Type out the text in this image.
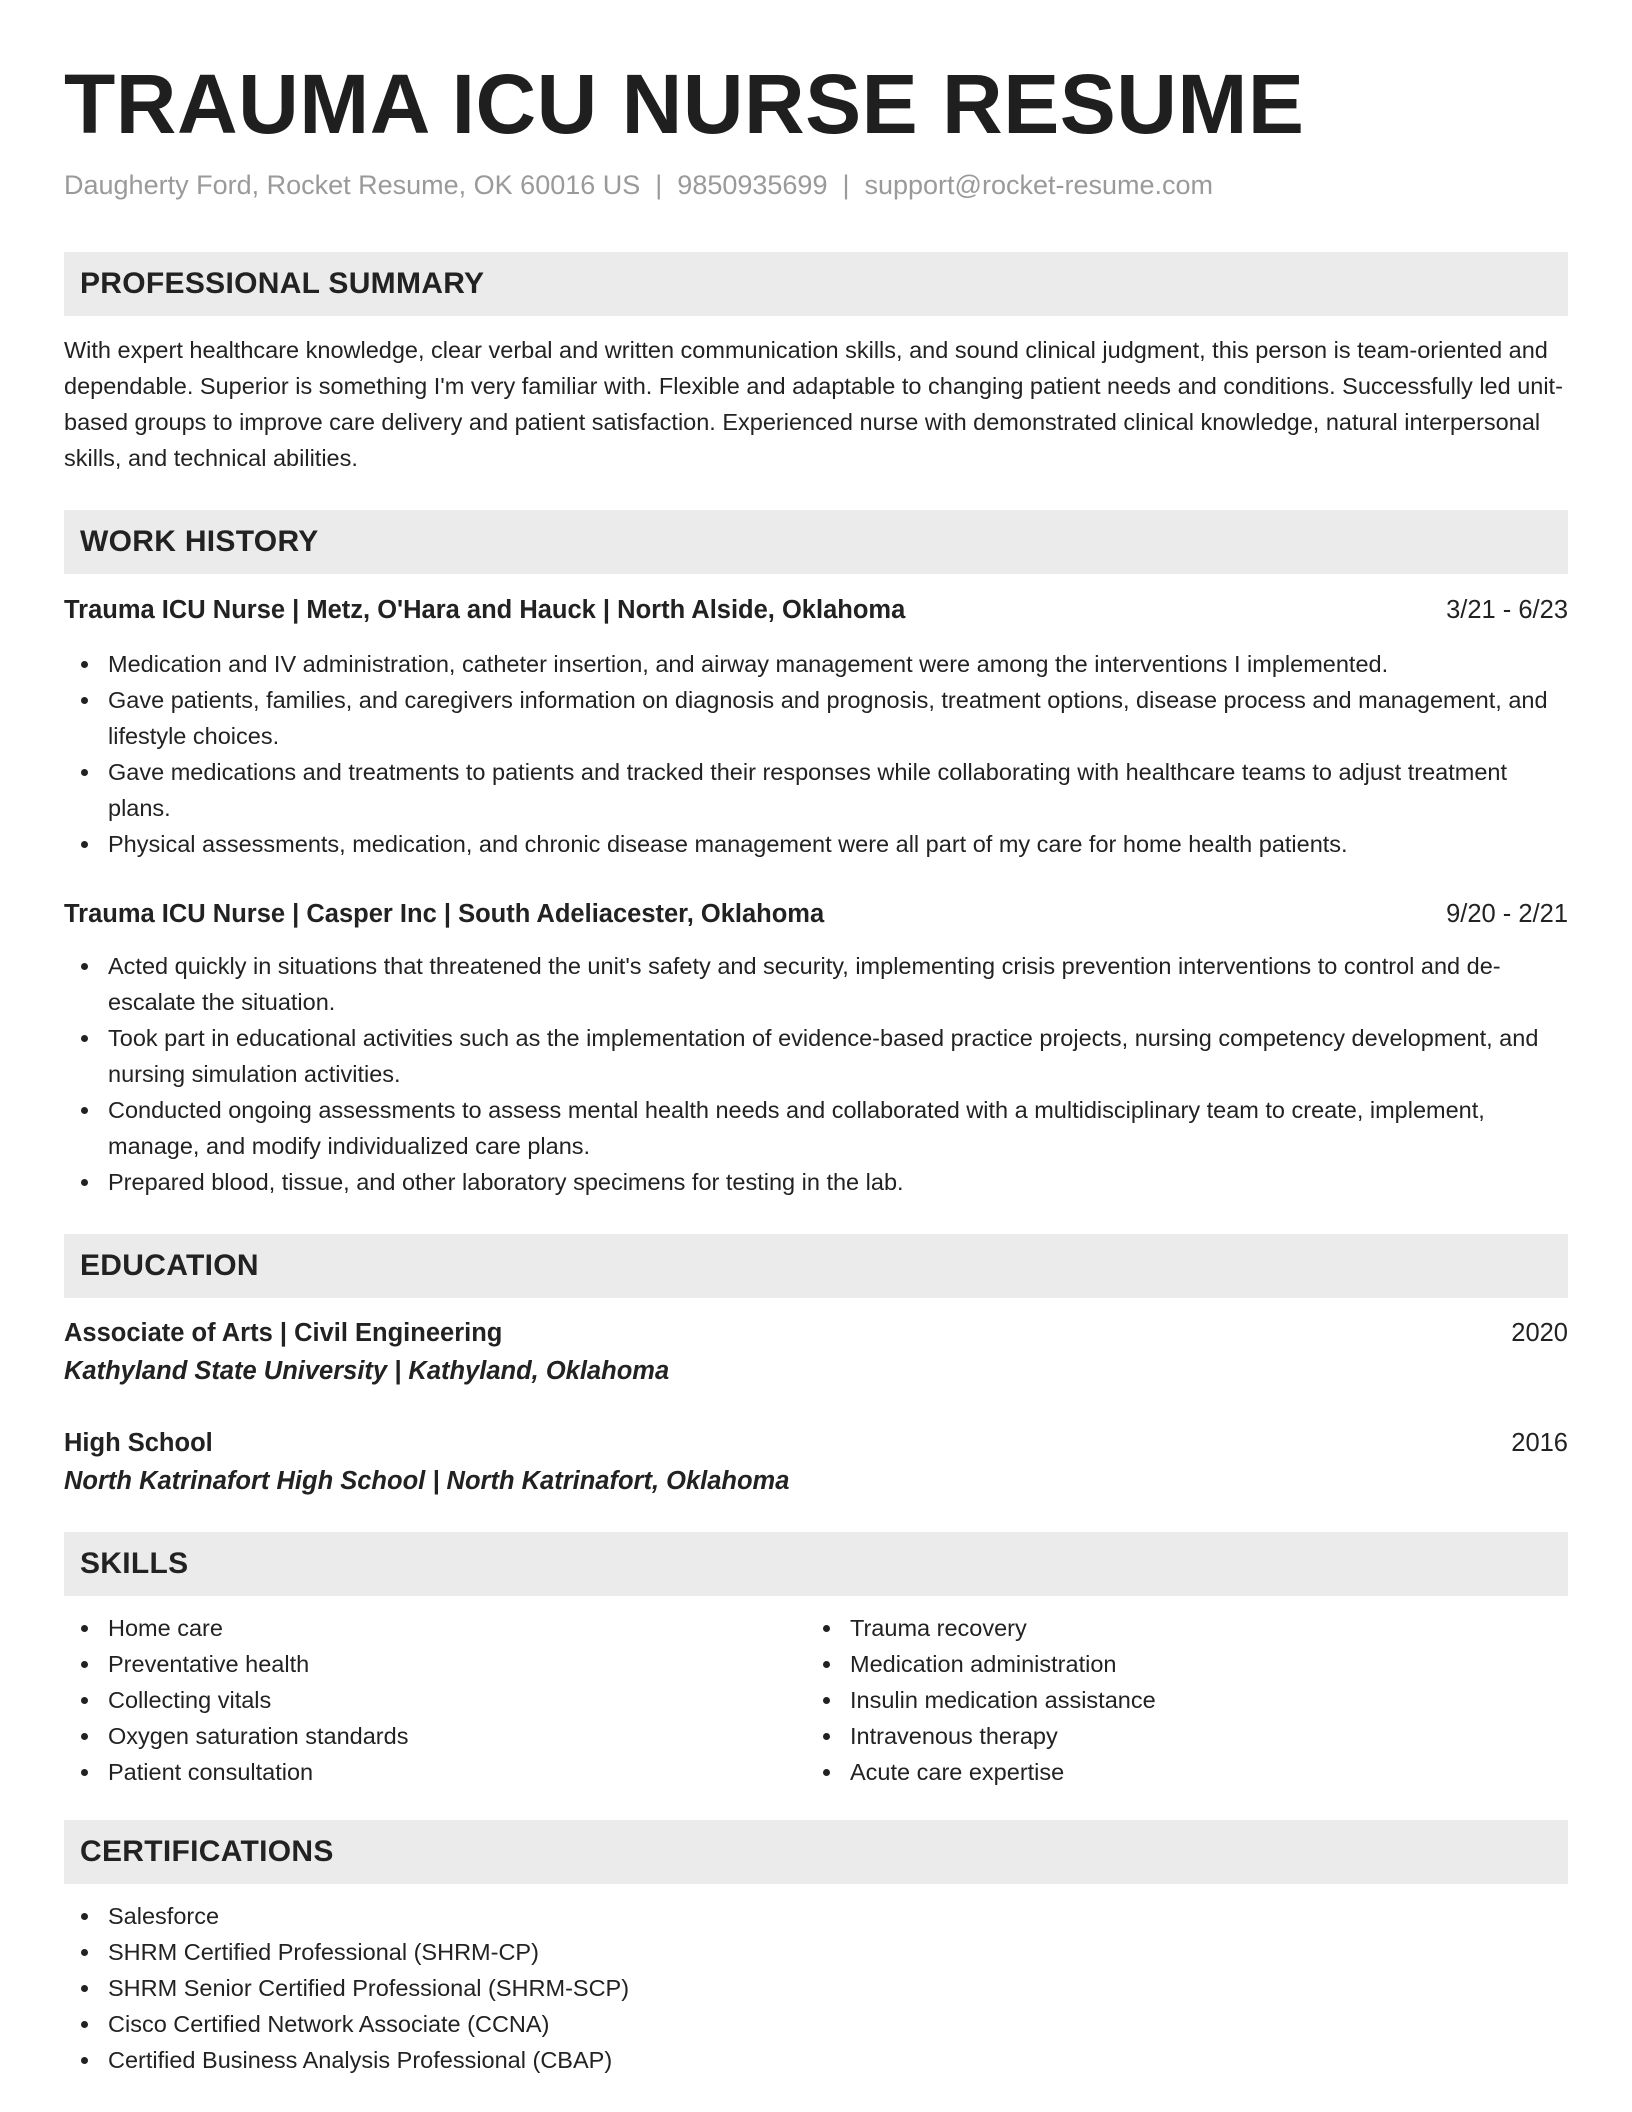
TRAUMA ICU NURSE RESUME
Daugherty Ford, Rocket Resume, OK 60016 US | 9850935699 | support@rocket-resume.com
PROFESSIONAL SUMMARY

With expert healthcare knowledge, clear verbal and written communication skills, and sound clinical judgment, this person is team-oriented and dependable. Superior is something I'm very familiar with. Flexible and adaptable to changing patient needs and conditions. Successfully led unit-based groups to improve care delivery and patient satisfaction. Experienced nurse with demonstrated clinical knowledge, natural interpersonal skills, and technical abilities.

WORK HISTORY
Trauma ICU Nurse | Metz, O'Hara and Hauck | North Alside, Oklahoma	3/21 - 6/23
Medication and IV administration, catheter insertion, and airway management were among the interventions I implemented.
Gave patients, families, and caregivers information on diagnosis and prognosis, treatment options, disease process and management, and lifestyle choices.
Gave medications and treatments to patients and tracked their responses while collaborating with healthcare teams to adjust treatment plans.
Physical assessments, medication, and chronic disease management were all part of my care for home health patients.
Trauma ICU Nurse | Casper Inc | South Adeliacester, Oklahoma	9/20 - 2/21
Acted quickly in situations that threatened the unit's safety and security, implementing crisis prevention interventions to control and de-escalate the situation.
Took part in educational activities such as the implementation of evidence-based practice projects, nursing competency development, and nursing simulation activities.
Conducted ongoing assessments to assess mental health needs and collaborated with a multidisciplinary team to create, implement, manage, and modify individualized care plans.
Prepared blood, tissue, and other laboratory specimens for testing in the lab.
EDUCATION
Associate of Arts | Civil Engineering	2020
Kathyland State University | Kathyland, Oklahoma
High School	2016
North Katrinafort High School | North Katrinafort, Oklahoma
SKILLS
Home care
Preventative health
Collecting vitals
Oxygen saturation standards
Patient consultation
Trauma recovery
Medication administration
Insulin medication assistance
Intravenous therapy
Acute care expertise
CERTIFICATIONS
Salesforce
SHRM Certified Professional (SHRM-CP)
SHRM Senior Certified Professional (SHRM-SCP)
Cisco Certified Network Associate (CCNA)
Certified Business Analysis Professional (CBAP)
